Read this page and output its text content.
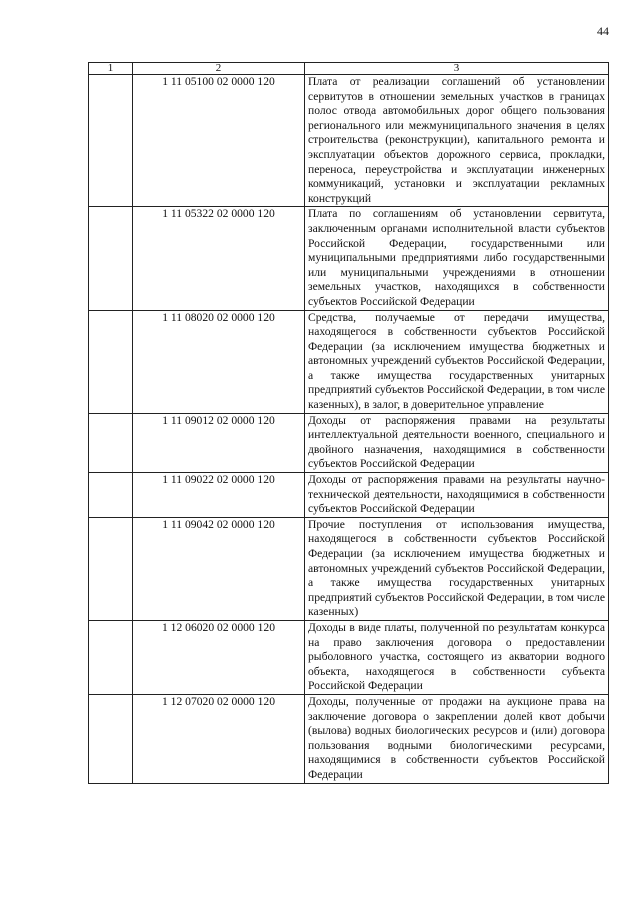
44
1	2	3
	1 11 05100 02 0000 120	Плата от реализации соглашений об установлении сервитутов в отношении земельных участков в границах полос отвода автомобильных дорог общего пользования регионального или межмуниципального значения в целях строительства (реконструкции), капитального ремонта и эксплуатации объектов дорожного сервиса, прокладки, переноса, переустройства и эксплуатации инженерных коммуникаций, установки и эксплуатации рекламных конструкций
	1 11 05322 02 0000 120	Плата по соглашениям об установлении сервитута, заключенным органами исполнительной власти субъектов Российской Федерации, государственными или муниципальными предприятиями либо государственными или муниципальными учреждениями в отношении земельных участков, находящихся в собственности субъектов Российской Федерации
	1 11 08020 02 0000 120	Средства, получаемые от передачи имущества, находящегося в собственности субъектов Российской Федерации (за исключением имущества бюджетных и автономных учреждений субъектов Российской Федерации, а также имущества государственных унитарных предприятий субъектов Российской Федерации, в том числе казенных), в залог, в доверительное управление
	1 11 09012 02 0000 120	Доходы от распоряжения правами на результаты интеллектуальной деятельности военного, специального и двойного назначения, находящимися в собственности субъектов Российской Федерации
	1 11 09022 02 0000 120	Доходы от распоряжения правами на результаты научно-технической деятельности, находящимися в собственности субъектов Российской Федерации
	1 11 09042 02 0000 120	Прочие поступления от использования имущества, находящегося в собственности субъектов Российской Федерации (за исключением имущества бюджетных и автономных учреждений субъектов Российской Федерации, а также имущества государственных унитарных предприятий субъектов Российской Федерации, в том числе казенных)
	1 12 06020 02 0000 120	Доходы в виде платы, полученной по результатам конкурса на право заключения договора о предоставлении рыболовного участка, состоящего из акватории водного объекта, находящегося в собственности субъекта Российской Федерации
	1 12 07020 02 0000 120	Доходы, полученные от продажи на аукционе права на заключение договора о закреплении долей квот добычи (вылова) водных биологических ресурсов и (или) договора пользования водными биологическими ресурсами, находящимися в собственности субъектов Российской Федерации
